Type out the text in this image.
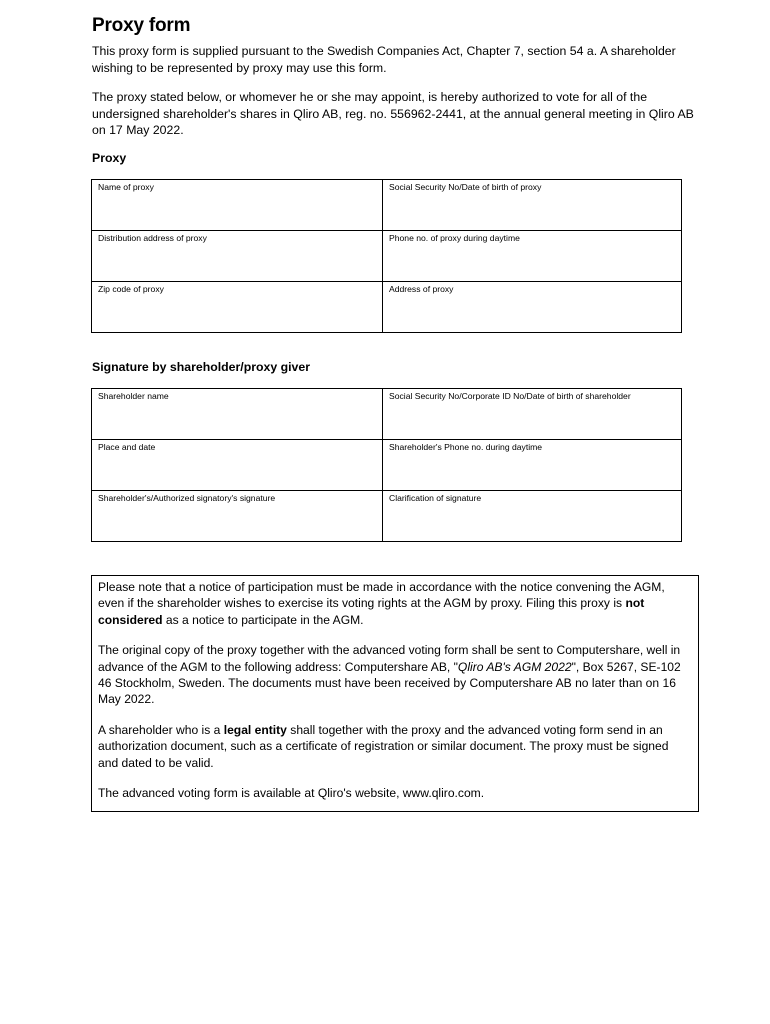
Proxy form
This proxy form is supplied pursuant to the Swedish Companies Act, Chapter 7, section 54 a. A shareholder wishing to be represented by proxy may use this form.
The proxy stated below, or whomever he or she may appoint, is hereby authorized to vote for all of the undersigned shareholder's shares in Qliro AB, reg. no. 556962-2441, at the annual general meeting in Qliro AB on 17 May 2022.
Proxy
Name of proxy	Social Security No/Date of birth of proxy
Distribution address of proxy	Phone no. of proxy during daytime
Zip code of proxy	Address of proxy
Signature by shareholder/proxy giver
Shareholder name	Social Security No/Corporate ID No/Date of birth of shareholder
Place and date	Shareholder's Phone no. during daytime
Shareholder's/Authorized signatory's signature	Clarification of signature

Please note that a notice of participation must be made in accordance with the notice convening the AGM, even if the shareholder wishes to exercise its voting rights at the AGM by proxy. Filing this proxy is not considered as a notice to participate in the AGM.

The original copy of the proxy together with the advanced voting form shall be sent to Computershare, well in advance of the AGM to the following address: Computershare AB, "Qliro AB's AGM 2022", Box 5267, SE-102 46 Stockholm, Sweden. The documents must have been received by Computershare AB no later than on 16 May 2022.

A shareholder who is a legal entity shall together with the proxy and the advanced voting form send in an authorization document, such as a certificate of registration or similar document. The proxy must be signed and dated to be valid.

The advanced voting form is available at Qliro's website, www.qliro.com.
